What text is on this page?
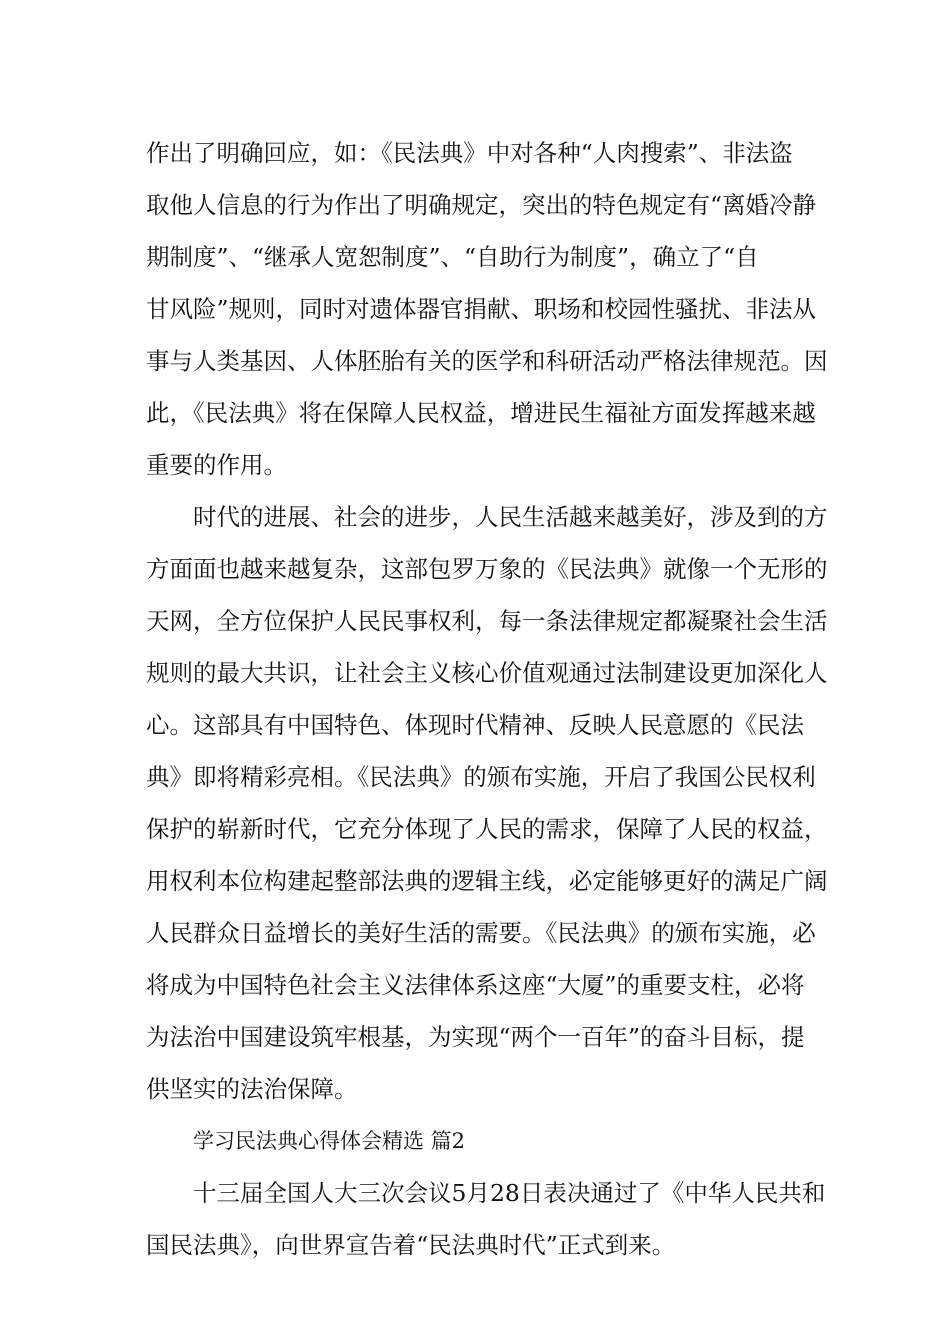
作出了明确回应，如：《民法典》中对各种“人肉搜索”、非法盗
取他人信息的行为作出了明确规定，突出的特色规定有“离婚冷静
期制度”、“继承人宽恕制度”、“自助行为制度”，确立了“自
甘风险”规则，同时对遗体器官捐献、职场和校园性骚扰、非法从
事与人类基因、人体胚胎有关的医学和科研活动严格法律规范。因
此，《民法典》将在保障人民权益，增进民生福祉方面发挥越来越
重要的作用。
时代的进展、社会的进步，人民生活越来越美好，涉及到的方
方面面也越来越复杂，这部包罗万象的《民法典》就像一个无形的
天网，全方位保护人民民事权利，每一条法律规定都凝聚社会生活
规则的最大共识，让社会主义核心价值观通过法制建设更加深化人
心。这部具有中国特色、体现时代精神、反映人民意愿的《民法
典》即将精彩亮相。《民法典》的颁布实施，开启了我国公民权利
保护的崭新时代，它充分体现了人民的需求，保障了人民的权益，
用权利本位构建起整部法典的逻辑主线，必定能够更好的满足广阔
人民群众日益增长的美好生活的需要。《民法典》的颁布实施，必
将成为中国特色社会主义法律体系这座“大厦”的重要支柱，必将
为法治中国建设筑牢根基，为实现“两个一百年”的奋斗目标，提
供坚实的法治保障。
学习民法典心得体会精选 篇2
十三届全国人大三次会议5月28日表决通过了《中华人民共和
国民法典》，向世界宣告着“民法典时代”正式到来。
